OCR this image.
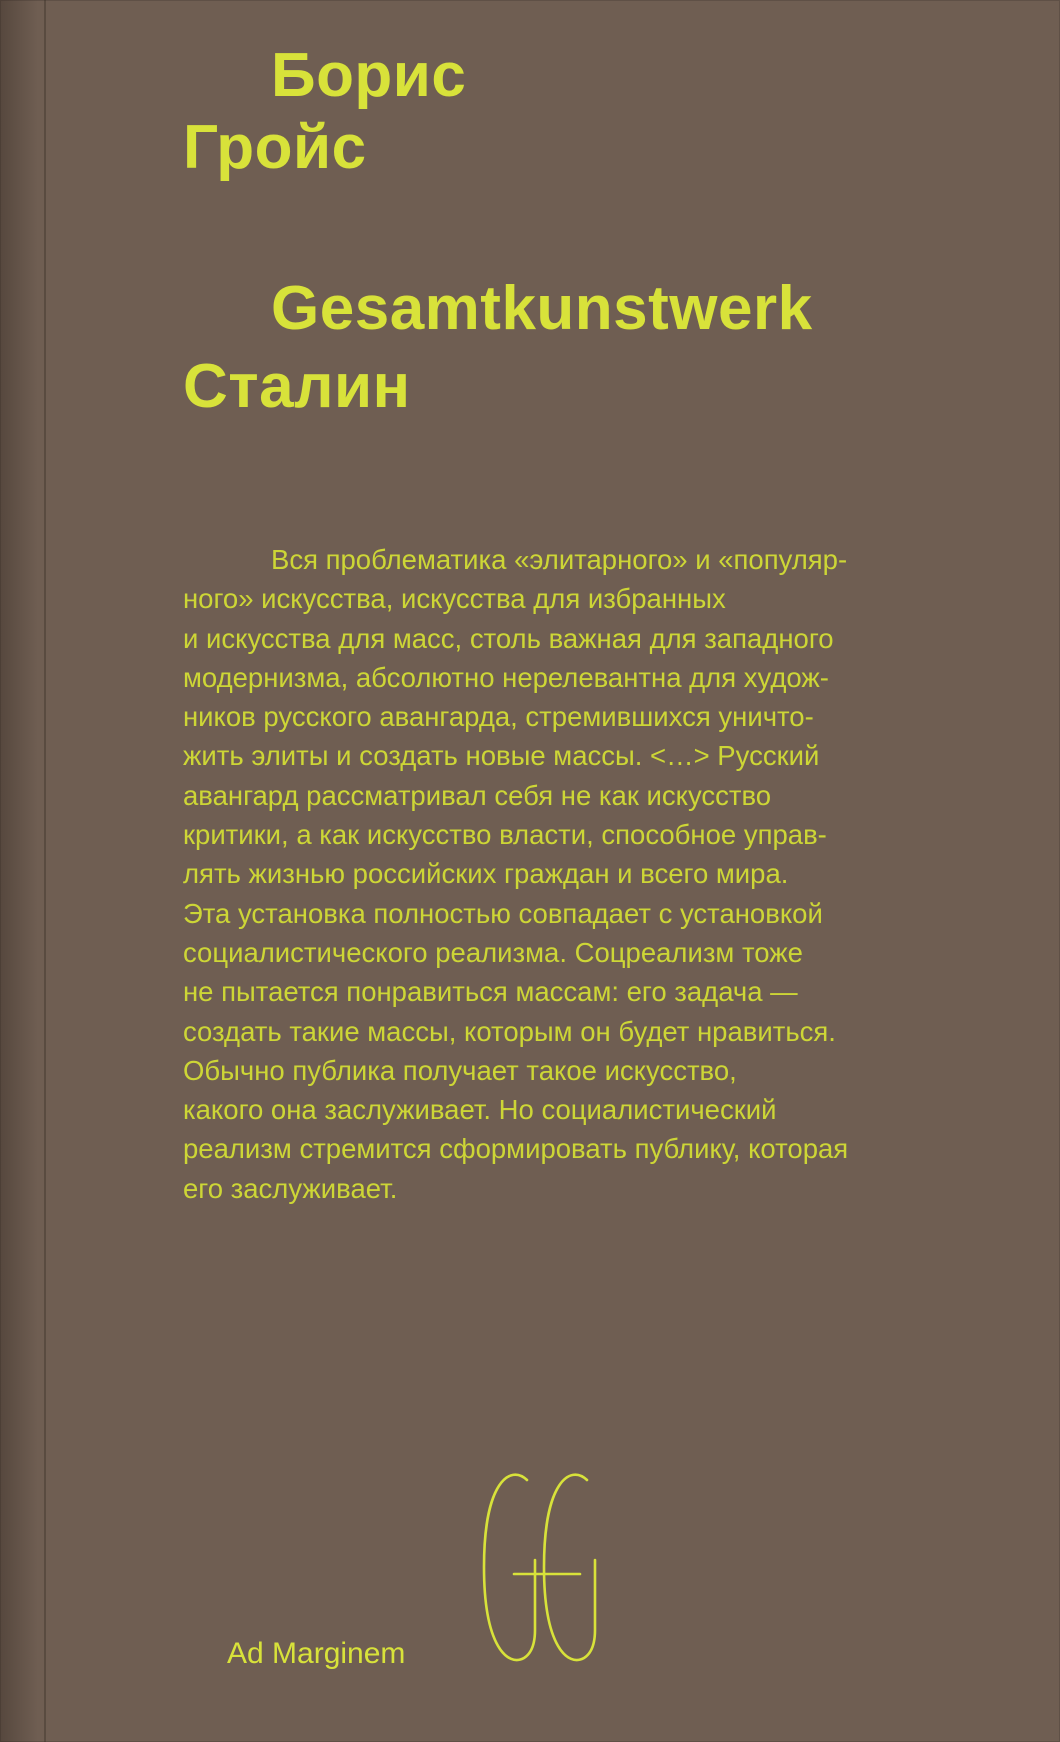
Борис
Гройс
Gesamtkunstwerk
Сталин
Вся проблематика «элитарного» и «популяр-
ного» искусства, искусства для избранных
и искусства для масс, столь важная для западного
модернизма, абсолютно нерелевантна для худож-
ников русского авангарда, стремившихся уничто-
жить элиты и создать новые массы. <…> Русский
авангард рассматривал себя не как искусство
критики, а как искусство власти, способное управ-
лять жизнью российских граждан и всего мира.
Эта установка полностью совпадает с установкой
социалистического реализма. Соцреализм тоже
не пытается понравиться массам: его задача —
создать такие массы, которым он будет нравиться.
Обычно публика получает такое искусство,
какого она заслуживает. Но социалистический
реализм стремится сформировать публику, которая
его заслуживает.
Ad Marginem
